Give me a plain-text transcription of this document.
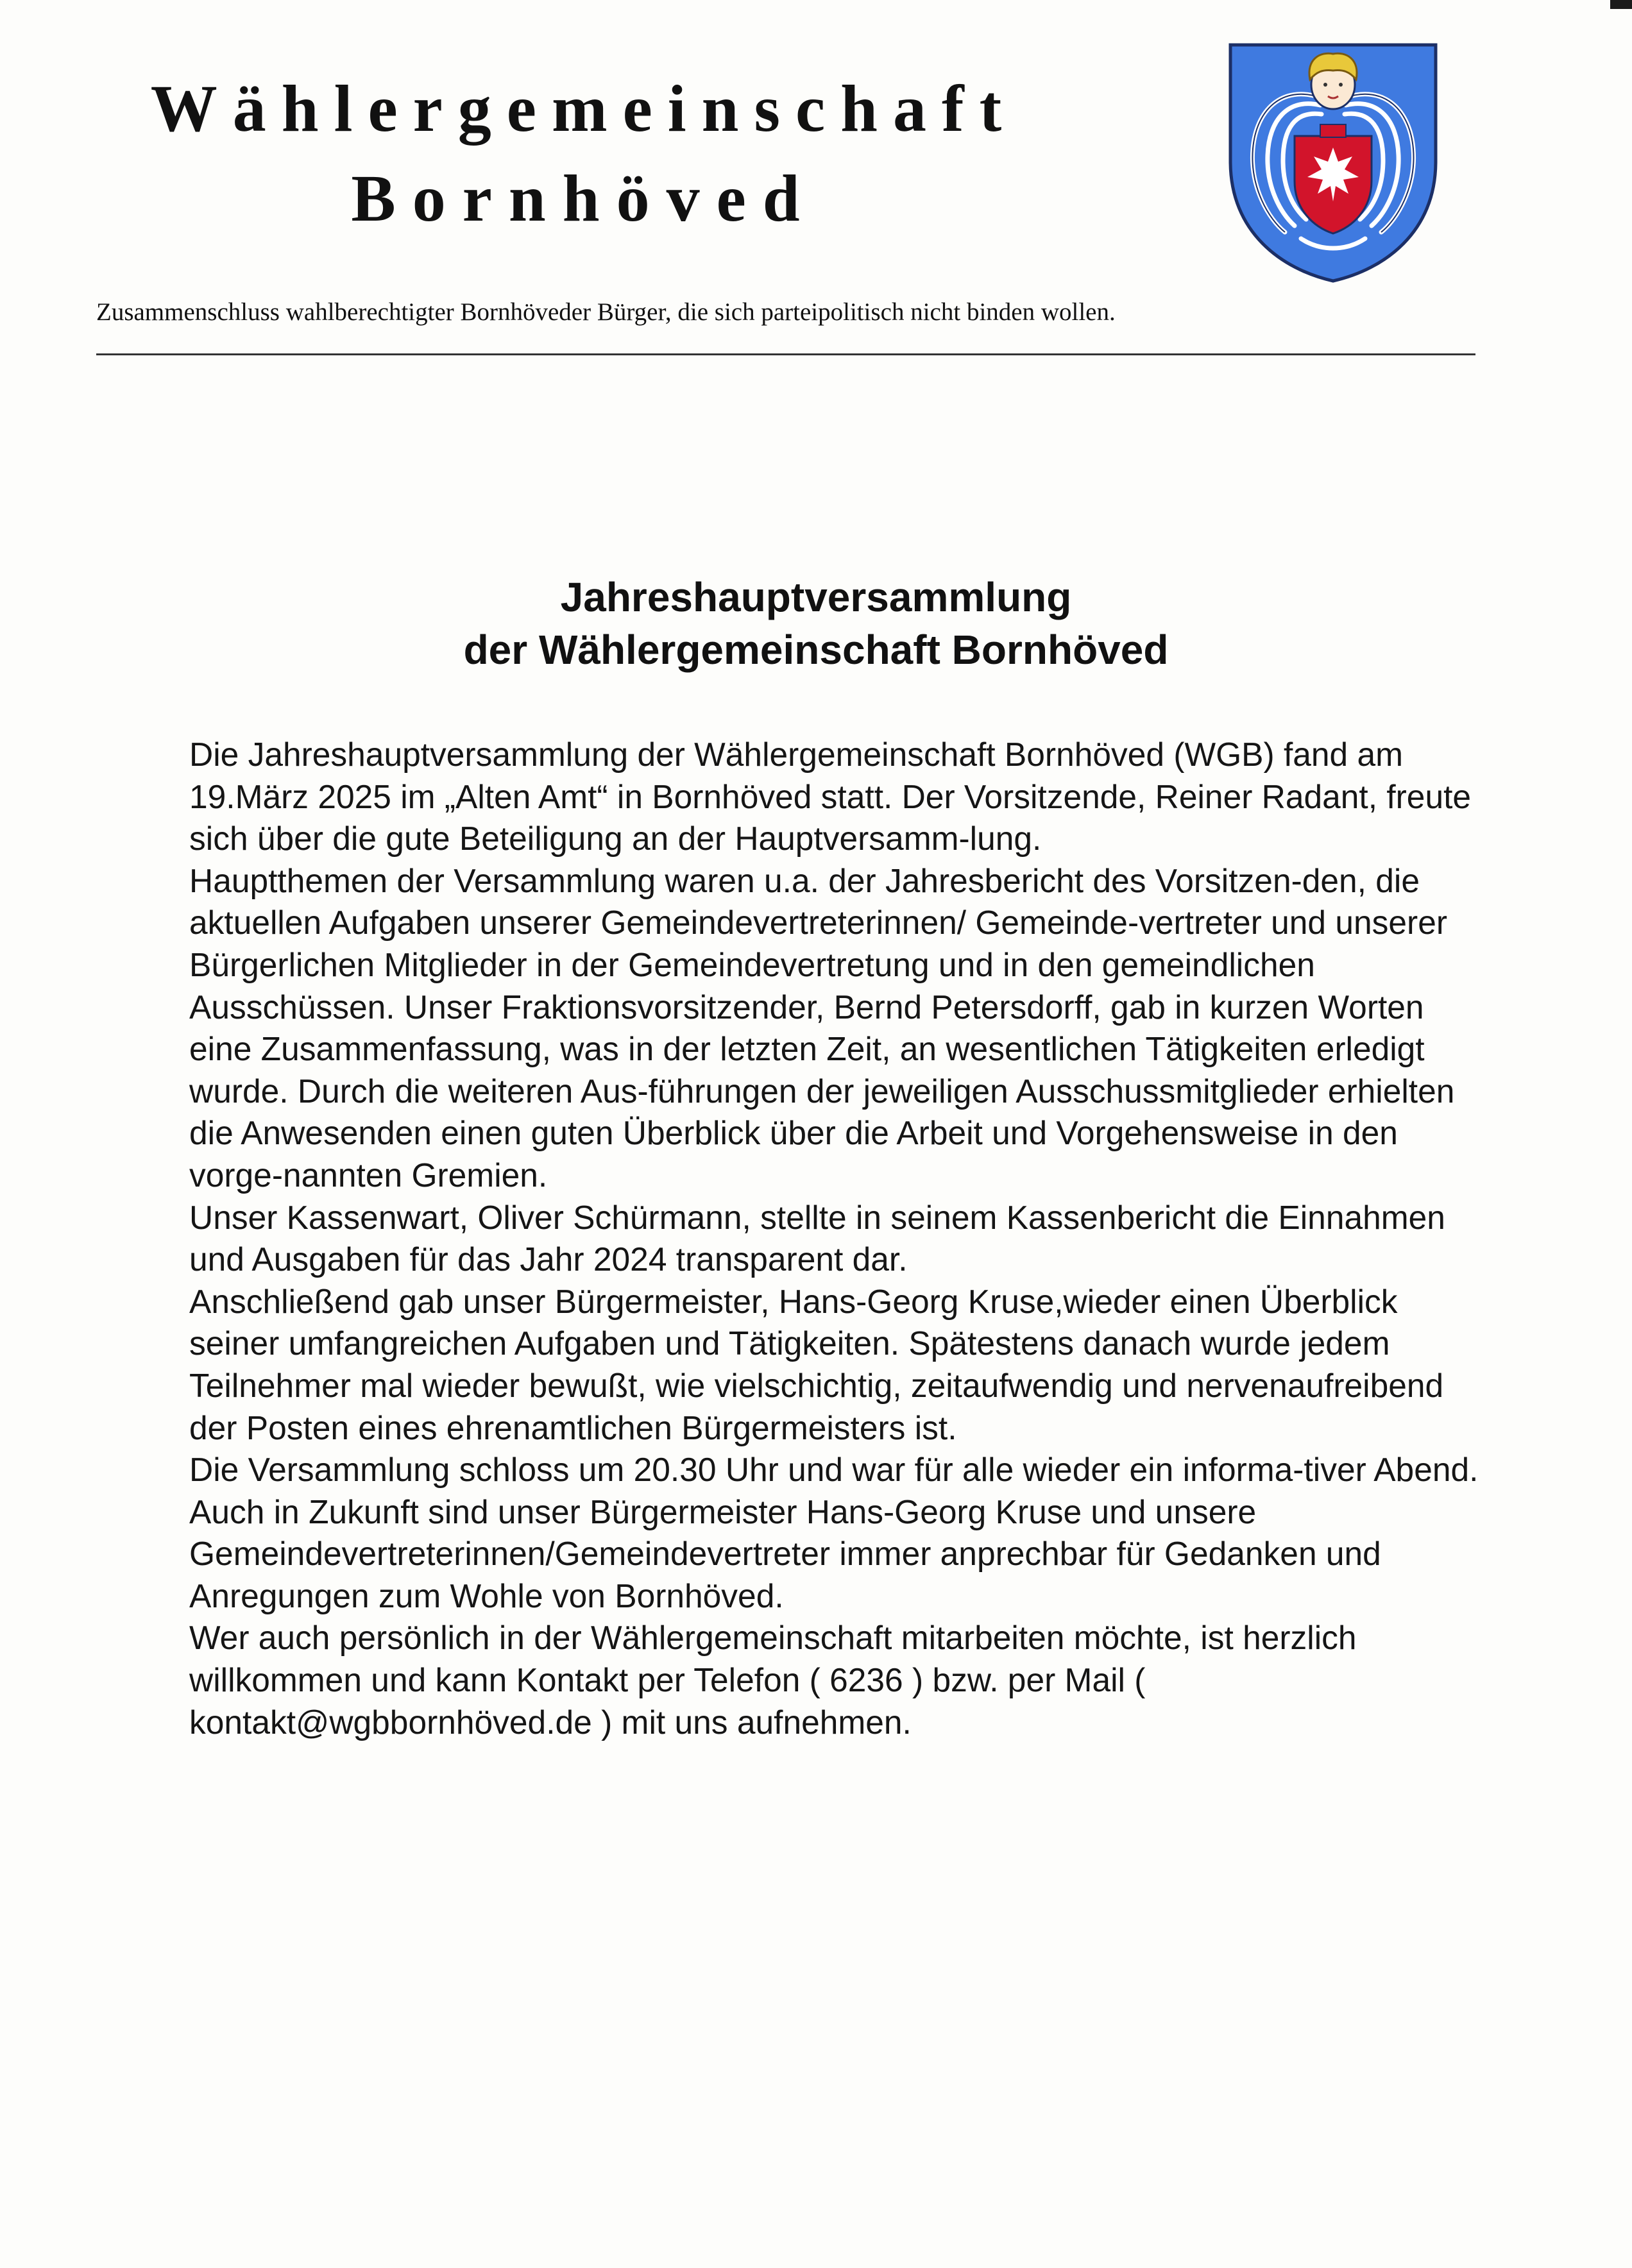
Wählergemeinschaft
Bornhöved

Zusammenschluss wahlberechtigter Bornhöveder Bürger, die sich parteipolitisch nicht binden wollen.

Jahreshauptversammlung
der Wählergemeinschaft Bornhöved

Die Jahreshauptversammlung der Wählergemeinschaft Bornhöved (WGB) fand am 19.März 2025 im „Alten Amt“ in Bornhöved statt. Der Vorsitzende, Reiner Radant, freute sich über die gute Beteiligung an der Hauptversamm-lung.

Hauptthemen der Versammlung waren u.a. der Jahresbericht des Vorsitzen-den, die aktuellen Aufgaben unserer Gemeindevertreterinnen/ Gemeinde-vertreter und unserer Bürgerlichen Mitglieder in der Gemeindevertretung und in den gemeindlichen Ausschüssen. Unser Fraktionsvorsitzender, Bernd Petersdorff, gab in kurzen Worten eine Zusammenfassung, was in der letzten Zeit, an wesentlichen Tätigkeiten erledigt wurde. Durch die weiteren Aus-führungen der jeweiligen Ausschussmitglieder erhielten die Anwesenden einen guten Überblick über die Arbeit und Vorgehensweise in den vorge-nannten Gremien.

Unser Kassenwart, Oliver Schürmann, stellte in seinem Kassenbericht die Einnahmen und Ausgaben für das Jahr 2024 transparent dar.

Anschließend gab unser Bürgermeister, Hans-Georg Kruse,wieder einen Überblick seiner umfangreichen Aufgaben und Tätigkeiten. Spätestens danach wurde jedem Teilnehmer mal wieder bewußt, wie vielschichtig, zeitaufwendig und nervenaufreibend der Posten eines ehrenamtlichen Bürgermeisters ist.

Die Versammlung schloss um 20.30 Uhr und war für alle wieder ein informa-tiver Abend.

Auch in Zukunft sind unser Bürgermeister Hans-Georg Kruse und unsere Gemeindevertreterinnen/Gemeindevertreter immer anprechbar für Gedanken und Anregungen zum Wohle von Bornhöved.

Wer auch persönlich in der Wählergemeinschaft mitarbeiten möchte, ist herzlich willkommen und kann Kontakt per Telefon ( 6236 ) bzw. per Mail ( kontakt@wgbbornhöved.de ) mit uns aufnehmen.
